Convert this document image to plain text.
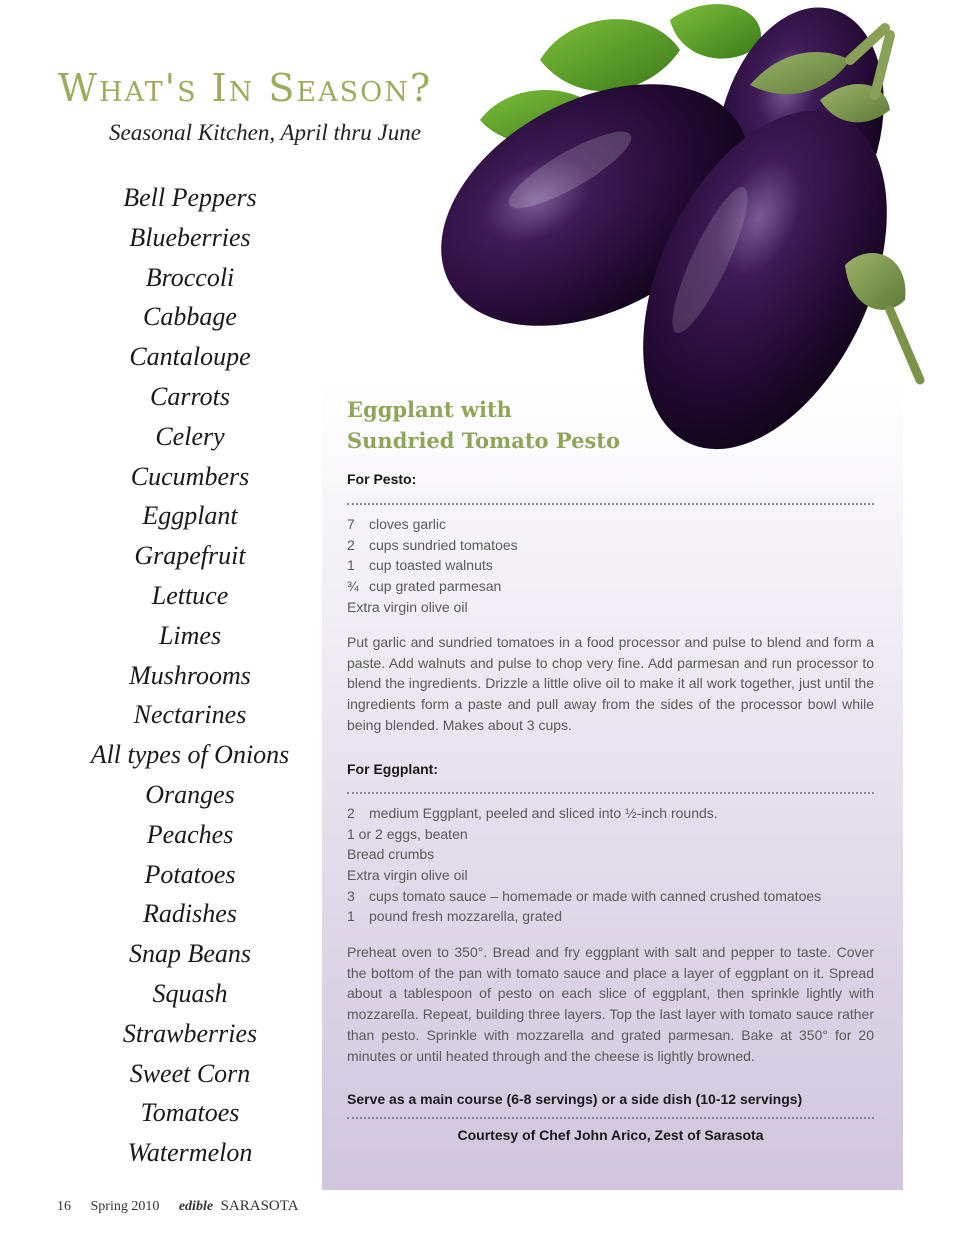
What's In Season?
Seasonal Kitchen, April thru June
Bell Peppers
Blueberries
Broccoli
Cabbage
Cantaloupe
Carrots
Celery
Cucumbers
Eggplant
Grapefruit
Lettuce
Limes
Mushrooms
Nectarines
All types of Onions
Oranges
Peaches
Potatoes
Radishes
Snap Beans
Squash
Strawberries
Sweet Corn
Tomatoes
Watermelon
Eggplant with
Sundried Tomato Pesto
For Pesto:
7 cloves garlic
2 cups sundried tomatoes
1 cup toasted walnuts
¾ cup grated parmesan
Extra virgin olive oil

Put garlic and sundried tomatoes in a food processor and pulse to blend and form a paste. Add walnuts and pulse to chop very fine. Add parmesan and run processor to blend the ingredients. Drizzle a little olive oil to make it all work together, just until the ingredients form a paste and pull away from the sides of the processor bowl while being blended. Makes about 3 cups.

For Eggplant:
2 medium Eggplant, peeled and sliced into ½-inch rounds.
1 or 2 eggs, beaten
Bread crumbs
Extra virgin olive oil
3 cups tomato sauce – homemade or made with canned crushed tomatoes
1 pound fresh mozzarella, grated

Preheat oven to 350°. Bread and fry eggplant with salt and pepper to taste. Cover the bottom of the pan with tomato sauce and place a layer of eggplant on it. Spread about a tablespoon of pesto on each slice of eggplant, then sprinkle lightly with mozzarella. Repeat, building three layers. Top the last layer with tomato sauce rather than pesto. Sprinkle with mozzarella and grated parmesan. Bake at 350° for 20 minutes or until heated through and the cheese is lightly browned.

Serve as a main course (6-8 servings) or a side dish (10-12 servings)
Courtesy of Chef John Arico, Zest of Sarasota
16 Spring 2010 edible SARASOTA
